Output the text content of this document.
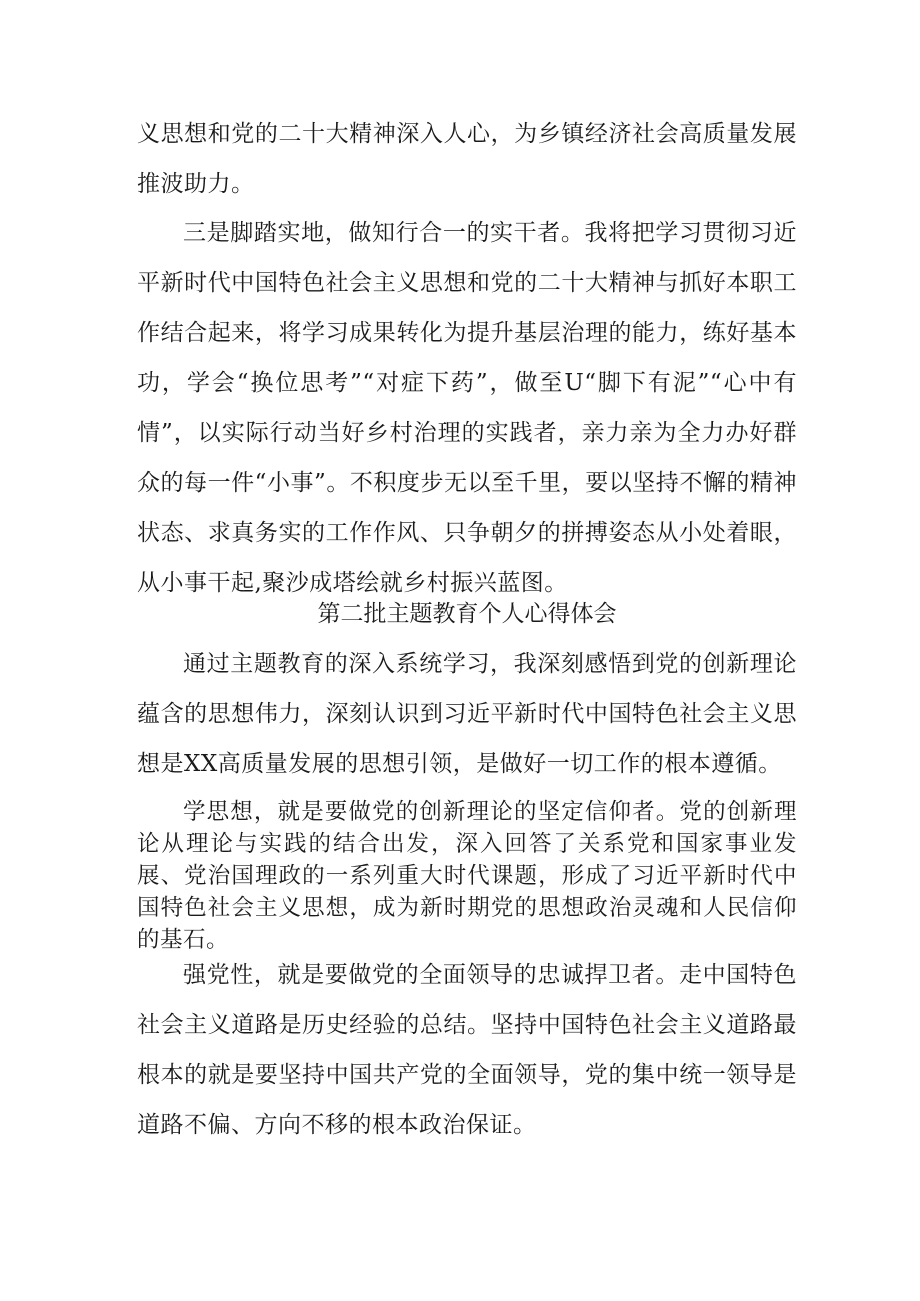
义思想和党的二十大精神深入人心，为乡镇经济社会高质量发展推波助力。

三是脚踏实地，做知行合一的实干者。我将把学习贯彻习近平新时代中国特色社会主义思想和党的二十大精神与抓好本职工作结合起来，将学习成果转化为提升基层治理的能力，练好基本功，学会“换位思考”“对症下药”，做至U“脚下有泥”“心中有情”，以实际行动当好乡村治理的实践者，亲力亲为全力办好群众的每一件“小事”。不积度步无以至千里，要以坚持不懈的精神状态、求真务实的工作作风、只争朝夕的拼搏姿态从小处着眼，从小事干起,聚沙成塔绘就乡村振兴蓝图。

第二批主题教育个人心得体会

通过主题教育的深入系统学习，我深刻感悟到党的创新理论蕴含的思想伟力，深刻认识到习近平新时代中国特色社会主义思想是XX高质量发展的思想引领，是做好一切工作的根本遵循。

学思想，就是要做党的创新理论的坚定信仰者。党的创新理论从理论与实践的结合出发，深入回答了关系党和国家事业发展、党治国理政的一系列重大时代课题，形成了习近平新时代中国特色社会主义思想，成为新时期党的思想政治灵魂和人民信仰的基石。

强党性，就是要做党的全面领导的忠诚捍卫者。走中国特色社会主义道路是历史经验的总结。坚持中国特色社会主义道路最根本的就是要坚持中国共产党的全面领导，党的集中统一领导是道路不偏、方向不移的根本政治保证。
